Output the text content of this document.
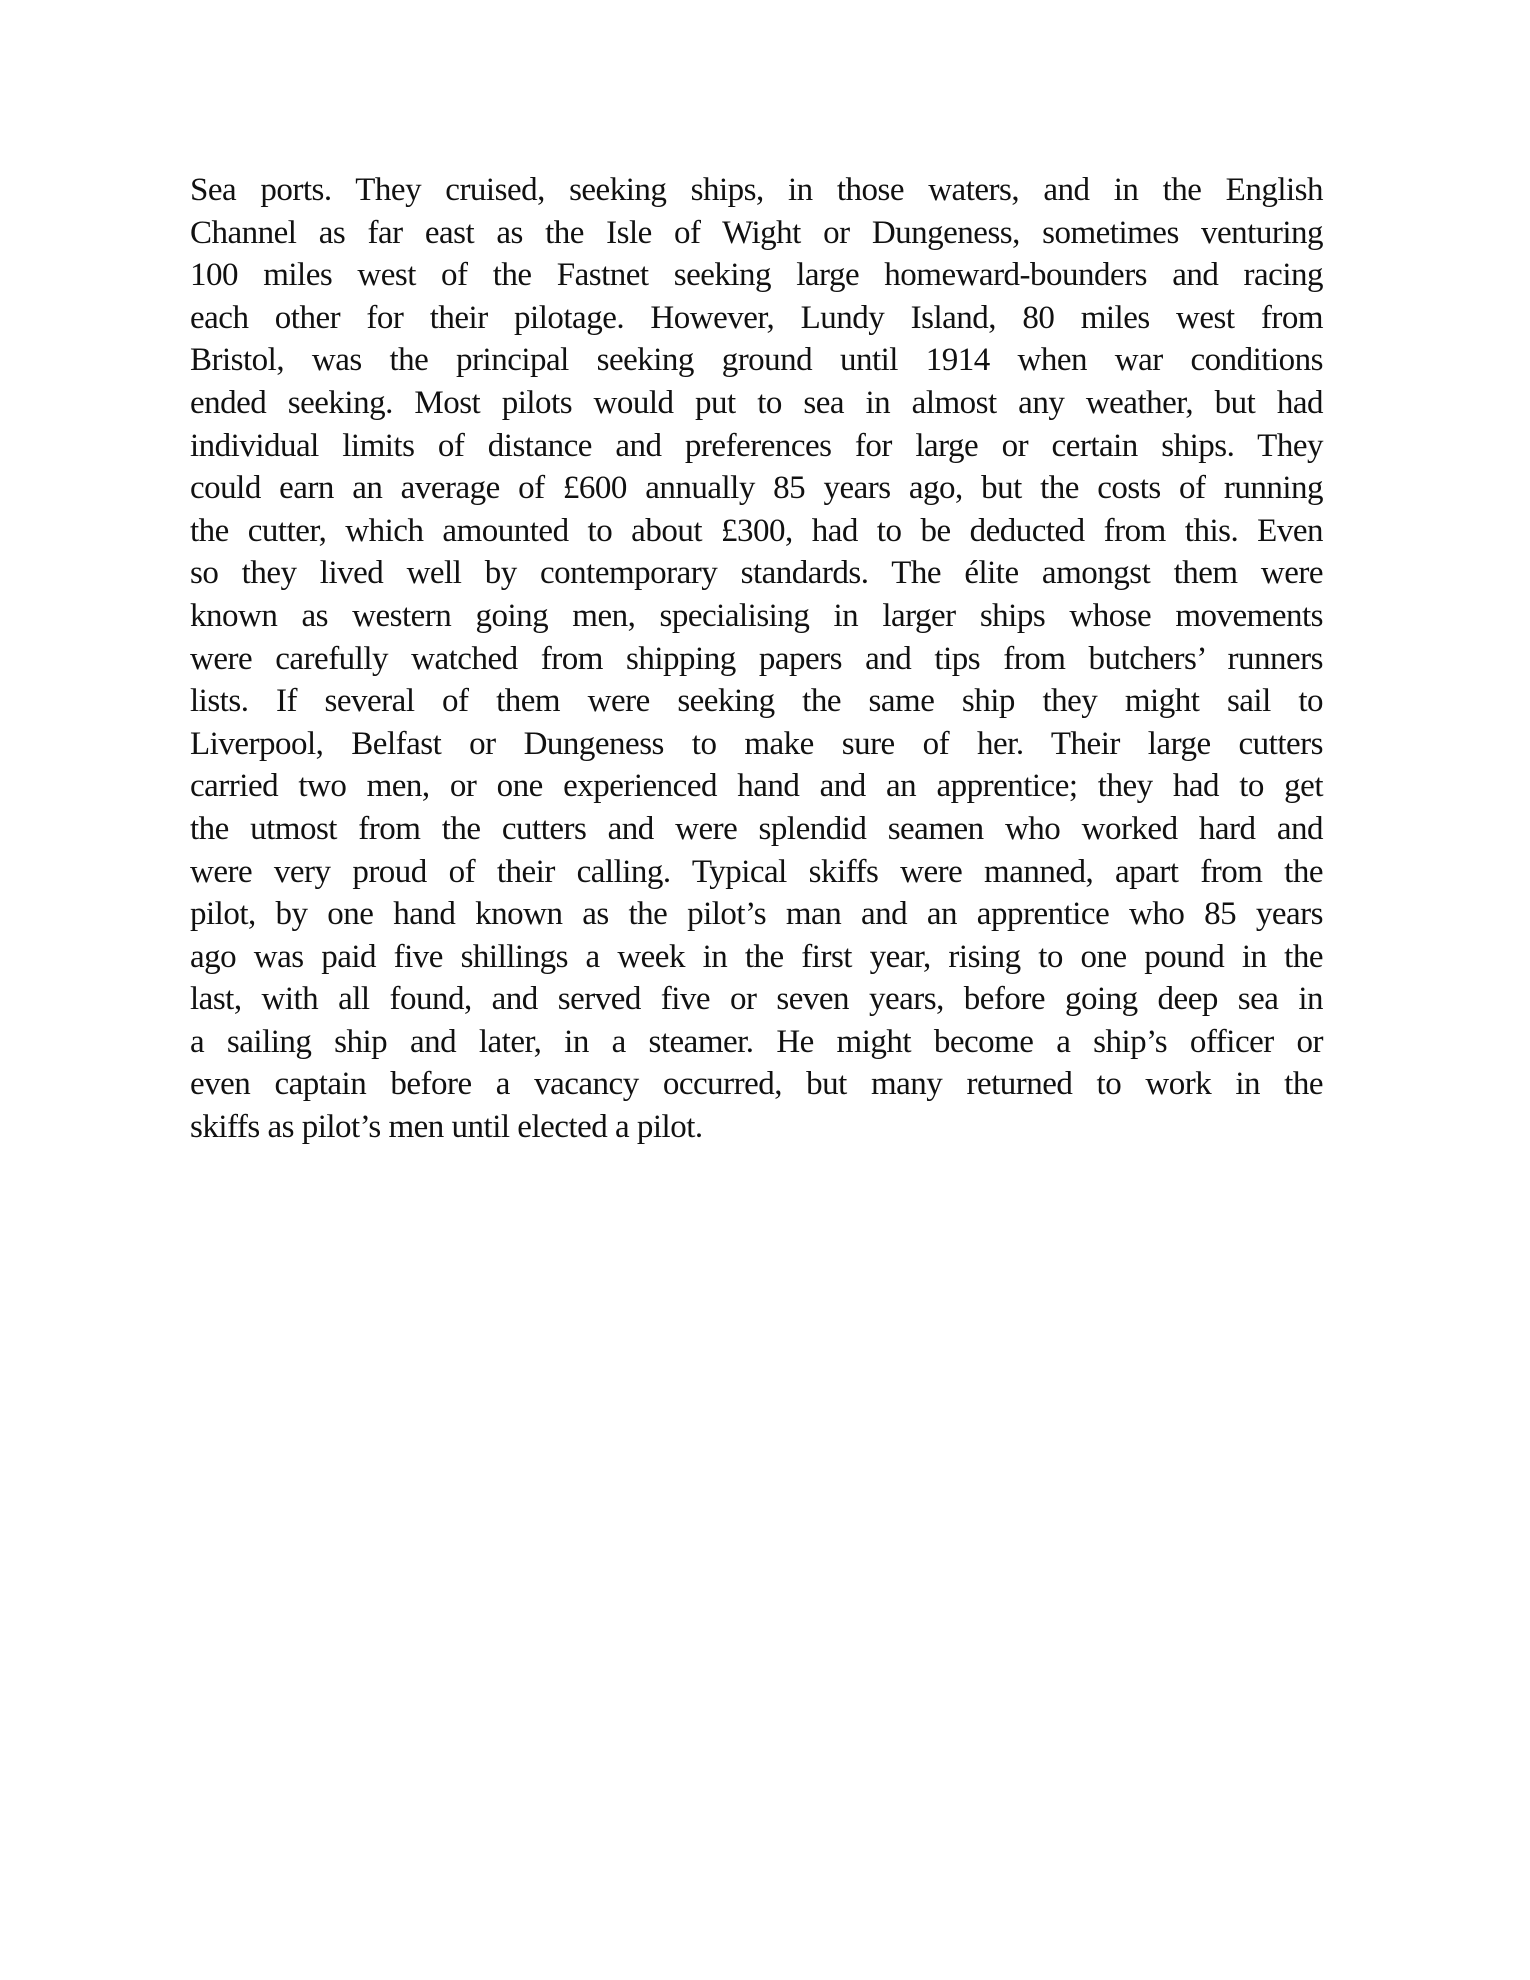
Sea ports. They cruised, seeking ships, in those waters, and in the English
Channel as far east as the Isle of Wight or Dungeness, sometimes venturing
100 miles west of the Fastnet seeking large homeward-bounders and racing
each other for their pilotage. However, Lundy Island, 80 miles west from
Bristol, was the principal seeking ground until 1914 when war conditions
ended seeking. Most pilots would put to sea in almost any weather, but had
individual limits of distance and preferences for large or certain ships. They
could earn an average of £600 annually 85 years ago, but the costs of running
the cutter, which amounted to about £300, had to be deducted from this. Even
so they lived well by contemporary standards. The élite amongst them were
known as western going men, specialising in larger ships whose movements
were carefully watched from shipping papers and tips from butchers’ runners
lists. If several of them were seeking the same ship they might sail to
Liverpool, Belfast or Dungeness to make sure of her. Their large cutters
carried two men, or one experienced hand and an apprentice; they had to get
the utmost from the cutters and were splendid seamen who worked hard and
were very proud of their calling. Typical skiffs were manned, apart from the
pilot, by one hand known as the pilot’s man and an apprentice who 85 years
ago was paid five shillings a week in the first year, rising to one pound in the
last, with all found, and served five or seven years, before going deep sea in
a sailing ship and later, in a steamer. He might become a ship’s officer or
even captain before a vacancy occurred, but many returned to work in the
skiffs as pilot’s men until elected a pilot.
